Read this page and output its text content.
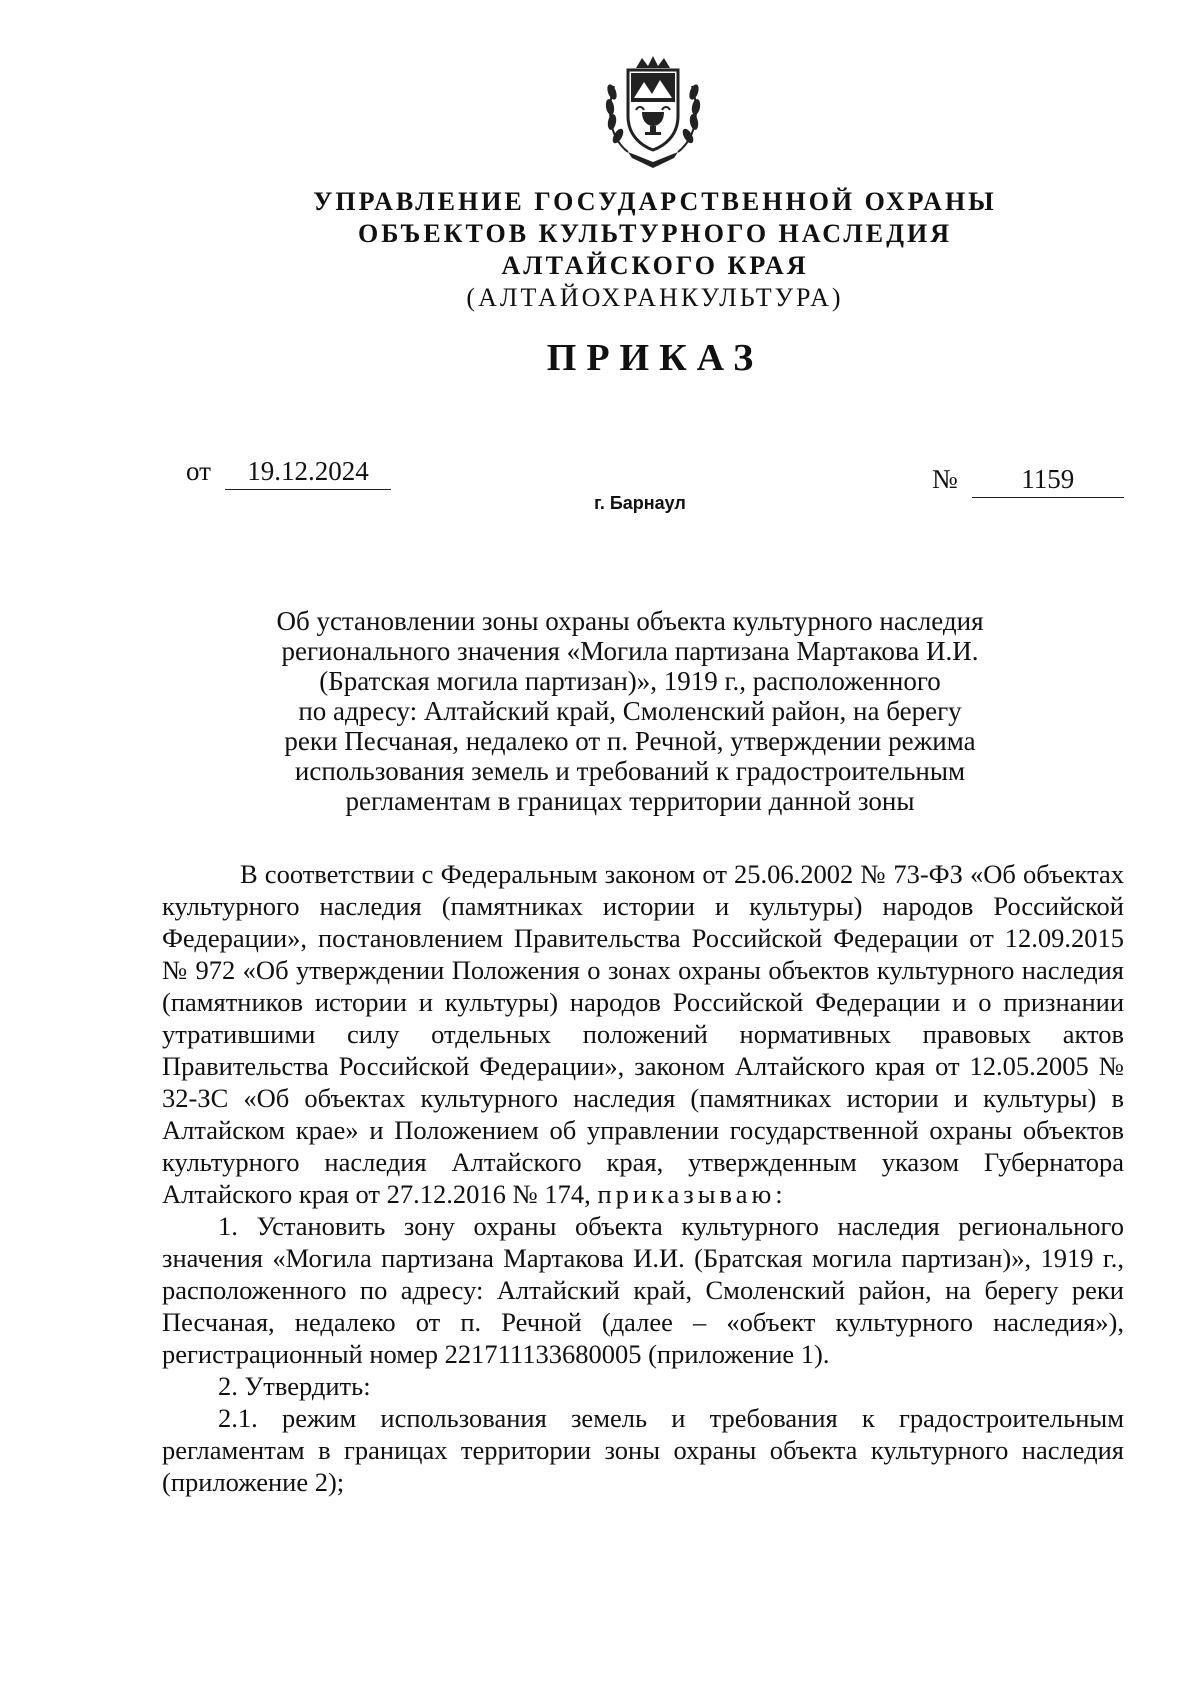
УПРАВЛЕНИЕ ГОСУДАРСТВЕННОЙ ОХРАНЫ

ОБЪЕКТОВ КУЛЬТУРНОГО НАСЛЕДИЯ

АЛТАЙСКОГО КРАЯ

(АЛТАЙОХРАНКУЛЬТУРА)

ПРИКАЗ
от 19.12.2024	№ 1159
г. Барнаул

Об установлении зоны охраны объекта культурного наследия

регионального значения «Могила партизана Мартакова И.И.

(Братская могила партизан)», 1919 г., расположенного

по адресу: Алтайский край, Смоленский район, на берегу

реки Песчаная, недалеко от п. Речной, утверждении режима

использования земель и требований к градостроительным

регламентам в границах территории данной зоны

В соответствии с Федеральным законом от 25.06.2002 № 73-ФЗ «Об объектах культурного наследия (памятниках истории и культуры) народов Российской Федерации», постановлением Правительства Российской Федерации от 12.09.2015 № 972 «Об утверждении Положения о зонах охраны объектов культурного наследия (памятников истории и культуры) народов Российской Федерации и о признании утратившими силу отдельных положений нормативных правовых актов Правительства Российской Федерации», законом Алтайского края от 12.05.2005 № 32-ЗС «Об объектах культурного наследия (памятниках истории и культуры) в Алтайском крае» и Положением об управлении государственной охраны объектов культурного наследия Алтайского края, утвержденным указом Губернатора Алтайского края от 27.12.2016 № 174, приказываю:

1. Установить зону охраны объекта культурного наследия регионального значения «Могила партизана Мартакова И.И. (Братская могила партизан)», 1919 г., расположенного по адресу: Алтайский край, Смоленский район, на берегу реки Песчаная, недалеко от п. Речной (далее – «объект культурного наследия»), регистрационный номер 221711133680005 (приложение 1).

2. Утвердить:

2.1. режим использования земель и требования к градостроительным регламентам в границах территории зоны охраны объекта культурного наследия (приложение 2);
